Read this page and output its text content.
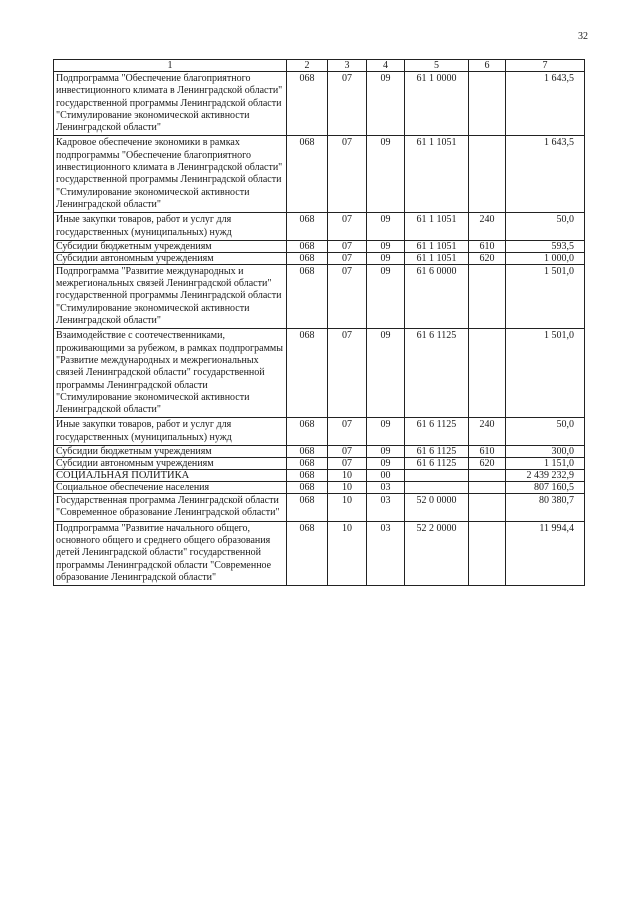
32
1	2	3	4	5	6	7
Подпрограмма "Обеспечение благоприятного инвестиционного климата в Ленинградской области" государственной программы Ленинградской области "Стимулирование экономической активности Ленинградской области"	068	07	09	61 1 0000		1 643,5
Кадровое обеспечение экономики в рамках подпрограммы "Обеспечение благоприятного инвестиционного климата в Ленинградской области" государственной программы Ленинградской области "Стимулирование экономической активности Ленинградской области"	068	07	09	61 1 1051		1 643,5
Иные закупки товаров, работ и услуг для государственных (муниципальных) нужд	068	07	09	61 1 1051	240	50,0
Субсидии бюджетным учреждениям	068	07	09	61 1 1051	610	593,5
Субсидии автономным учреждениям	068	07	09	61 1 1051	620	1 000,0
Подпрограмма "Развитие международных и межрегиональных связей Ленинградской области" государственной программы Ленинградской области "Стимулирование экономической активности Ленинградской области"	068	07	09	61 6 0000		1 501,0
Взаимодействие с соотечественниками, проживающими за рубежом, в рамках подпрограммы "Развитие международных и межрегиональных связей Ленинградской области" государственной программы Ленинградской области "Стимулирование экономической активности Ленинградской области"	068	07	09	61 6 1125		1 501,0
Иные закупки товаров, работ и услуг для государственных (муниципальных) нужд	068	07	09	61 6 1125	240	50,0
Субсидии бюджетным учреждениям	068	07	09	61 6 1125	610	300,0
Субсидии автономным учреждениям	068	07	09	61 6 1125	620	1 151,0
СОЦИАЛЬНАЯ ПОЛИТИКА	068	10	00			2 439 232,9
Социальное обеспечение населения	068	10	03			807 160,5
Государственная программа Ленинградской области "Современное образование Ленинградской области"	068	10	03	52 0 0000		80 380,7
Подпрограмма "Развитие начального общего, основного общего и среднего общего образования детей Ленинградской области" государственной программы Ленинградской области "Современное образование Ленинградской области"	068	10	03	52 2 0000		11 994,4
